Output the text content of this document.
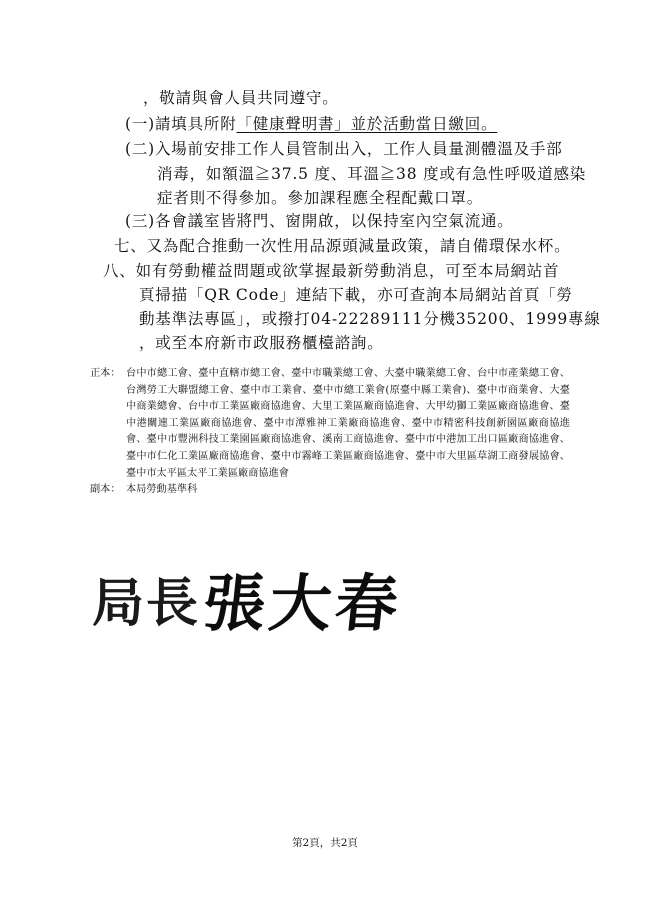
，敬請與會人員共同遵守。
(一)請填具所附「健康聲明書」並於活動當日繳回。
(二)入場前安排工作人員管制出入，工作人員量測體溫及手部
消毒，如額溫≧37.5 度、耳溫≧38 度或有急性呼吸道感染
症者則不得參加。參加課程應全程配戴口罩。
(三)各會議室皆將門、窗開啟，以保持室內空氣流通。
七、又為配合推動一次性用品源頭減量政策，請自備環保水杯。
八、如有勞動權益問題或欲掌握最新勞動消息，可至本局網站首
頁掃描「QR Code」連結下載，亦可查詢本局網站首頁「勞
動基準法專區」，或撥打04-22289111分機35200、1999專線
，或至本府新市政服務櫃檯諮詢。
正本： 台中市總工會、臺中直轄市總工會、臺中市職業總工會、大臺中職業總工會、台中市產業總工會、台灣勞工大聯盟總工會、臺中市工業會、臺中市總工業會(原臺中縣工業會)、臺中市商業會、大臺中商業總會、台中市工業區廠商協進會、大里工業區廠商協進會、大甲幼獅工業區廠商協進會、臺中港關連工業區廠商協進會、臺中市潭雅神工業廠商協進會、臺中市精密科技創新園區廠商協進會、臺中市豐洲科技工業園區廠商協進會、溪南工商協進會、臺中市中港加工出口區廠商協進會、臺中市仁化工業區廠商協進會、臺中市霧峰工業區廠商協進會、臺中市大里區草湖工商發展協會、臺中市太平區太平工業區廠商協進會
副本： 本局勞動基準科
局長 張大春
第2頁，共2頁
